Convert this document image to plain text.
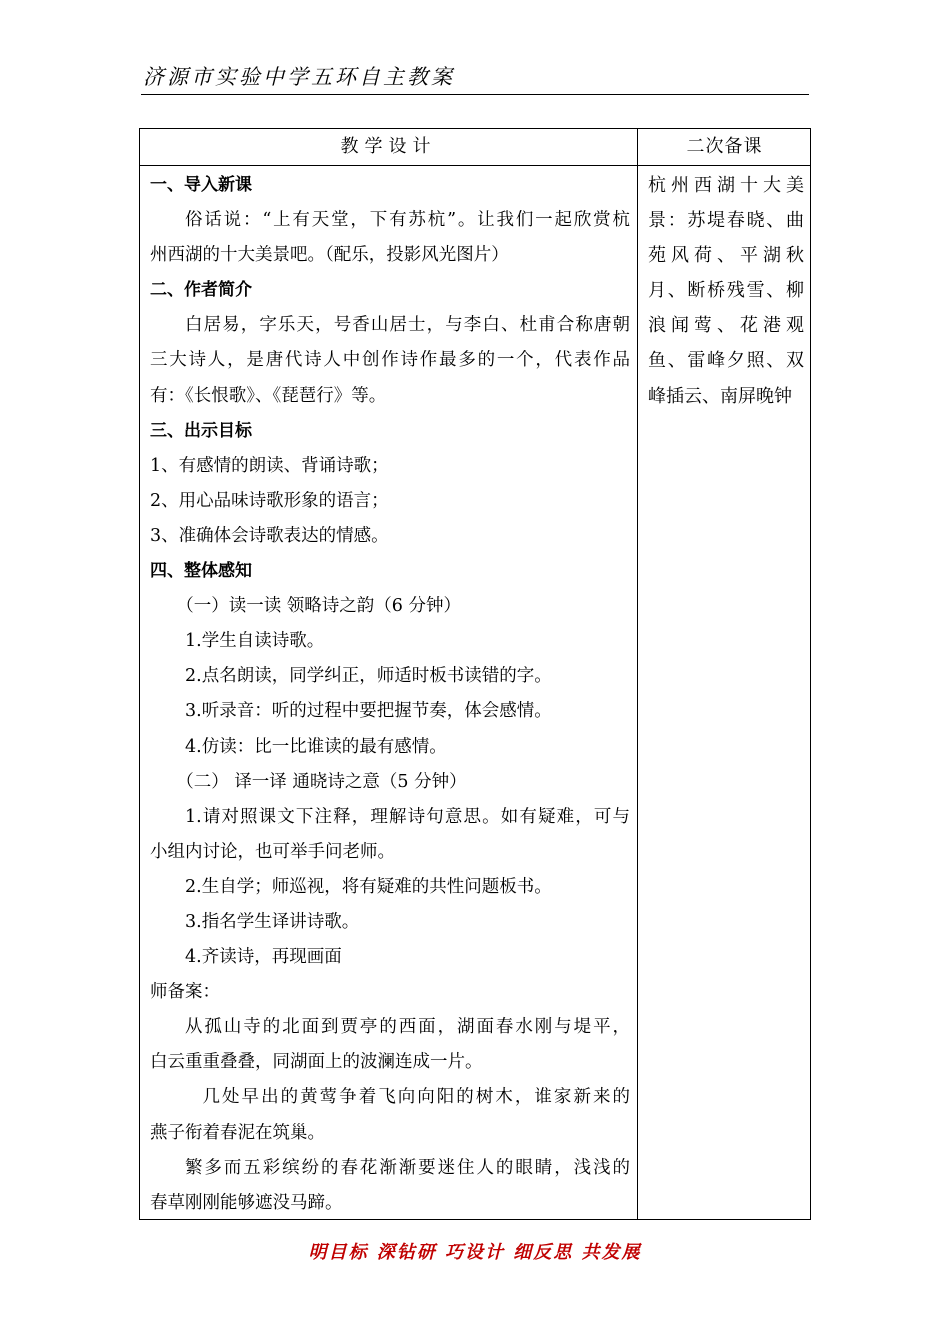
济源市实验中学五环自主教案
教学设计	二次备课
一、导入新课
俗话说：“上有天堂，下有苏杭”。让我们一起欣赏杭
州西湖的十大美景吧。（配乐，投影风光图片）
二、作者简介
白居易，字乐天，号香山居士，与李白、杜甫合称唐朝
三大诗人，是唐代诗人中创作诗作最多的一个，代表作品
有：《长恨歌》、《琵琶行》等。
三、出示目标
1、有感情的朗读、背诵诗歌；
2、用心品味诗歌形象的语言；
3、准确体会诗歌表达的情感。
四、整体感知
（一）读一读 领略诗之韵（6 分钟）
1.学生自读诗歌。
2.点名朗读，同学纠正，师适时板书读错的字。
3.听录音：听的过程中要把握节奏，体会感情。
4.仿读：比一比谁读的最有感情。
（二） 译一译 通晓诗之意（5 分钟）
1.请对照课文下注释，理解诗句意思。如有疑难，可与
小组内讨论，也可举手问老师。
2.生自学；师巡视，将有疑难的共性问题板书。
3.指名学生译讲诗歌。
4.齐读诗，再现画面
师备案：
从孤山寺的北面到贾亭的西面，湖面春水刚与堤平，
白云重重叠叠，同湖面上的波澜连成一片。
几处早出的黄莺争着飞向向阳的树木，谁家新来的
燕子衔着春泥在筑巢。
繁多而五彩缤纷的春花渐渐要迷住人的眼睛，浅浅的
春草刚刚能够遮没马蹄。
杭州西湖十大美
景：苏堤春晓、曲
苑风荷、平湖秋
月、断桥残雪、柳
浪闻莺、花港观
鱼、雷峰夕照、双
峰插云、南屏晚钟
明目标 深钻研 巧设计 细反思 共发展
